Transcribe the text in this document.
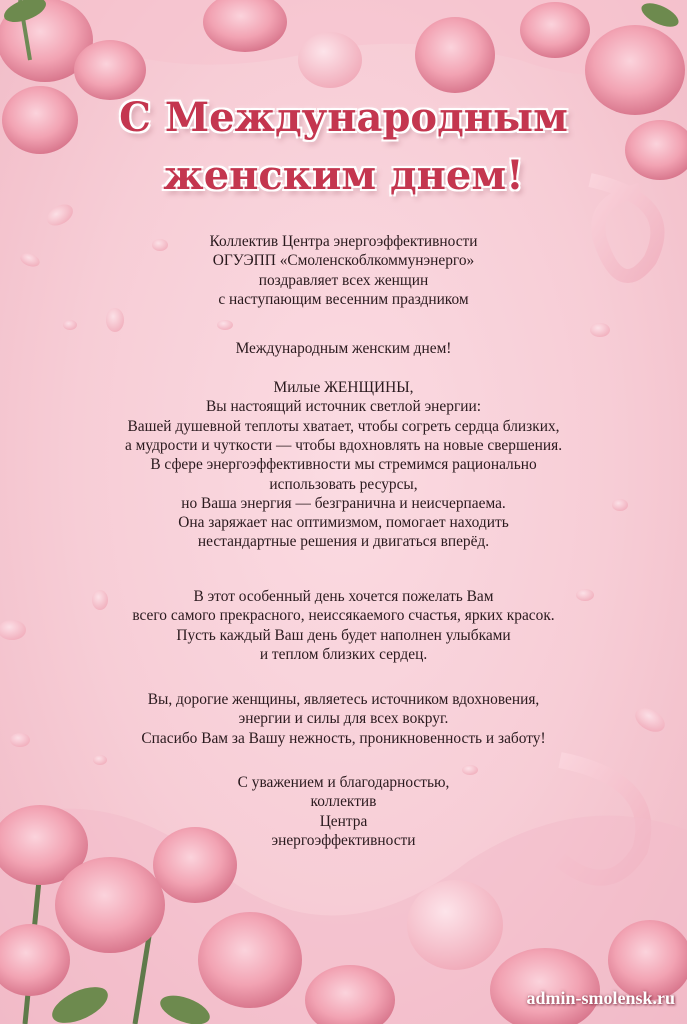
С Международным
женским днем!
Коллектив Центра энергоэффективности
ОГУЭПП «Смоленскоблкоммунэнерго»
поздравляет всех женщин
с наступающим весенним праздником
Международным женским днем!
Милые ЖЕНЩИНЫ,
Вы настоящий источник светлой энергии:
Вашей душевной теплоты хватает, чтобы согреть сердца близких,
а мудрости и чуткости — чтобы вдохновлять на новые свершения.
В сфере энергоэффективности мы стремимся рационально
использовать ресурсы,
но Ваша энергия — безгранична и неисчерпаема.
Она заряжает нас оптимизмом, помогает находить
нестандартные решения и двигаться вперёд.
В этот особенный день хочется пожелать Вам
всего самого прекрасного, неиссякаемого счастья, ярких красок.
Пусть каждый Ваш день будет наполнен улыбками
и теплом близких сердец.
Вы, дорогие женщины, являетесь источником вдохновения,
энергии и силы для всех вокруг.
Спасибо Вам за Вашу нежность, проникновенность и заботу!
С уважением и благодарностью,
коллектив
Центра
энергоэффективности
admin-smolensk.ru
